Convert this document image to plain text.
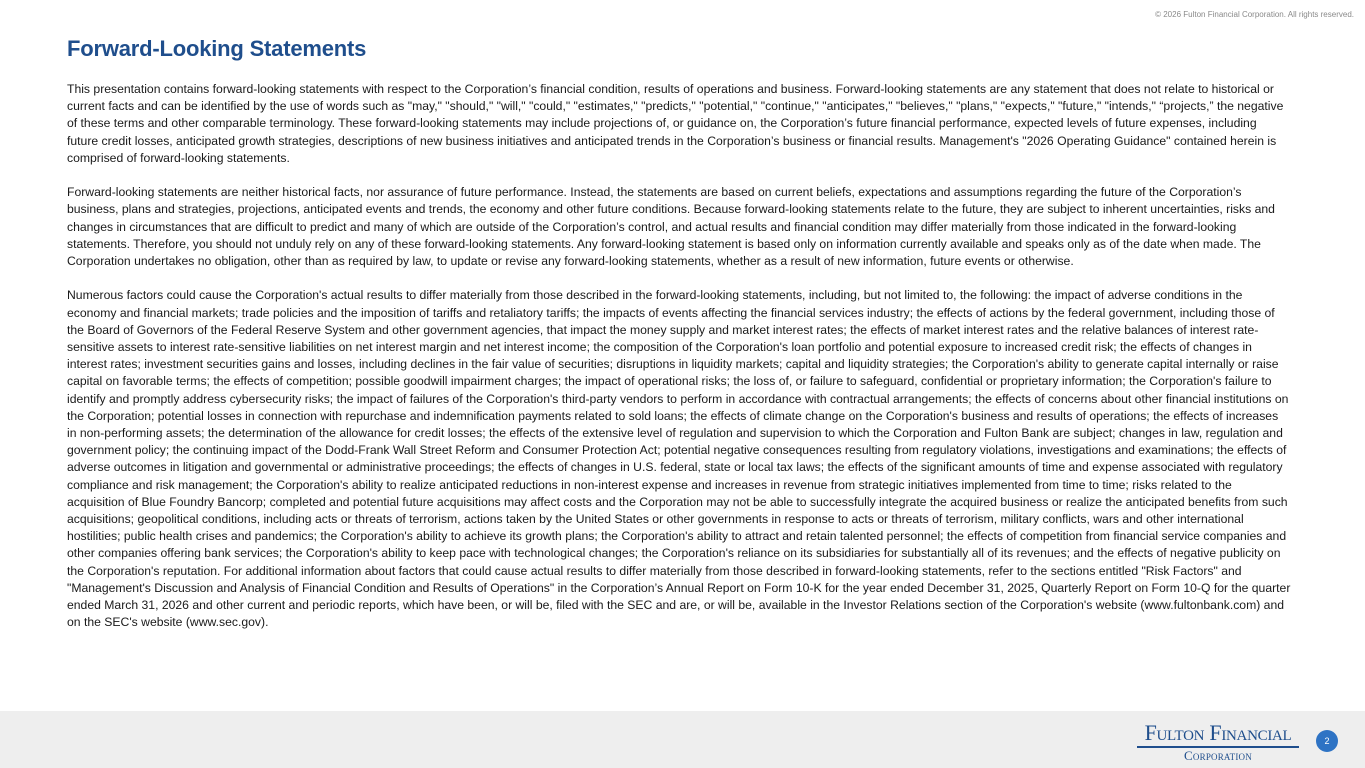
© 2026 Fulton Financial Corporation. All rights reserved.
Forward-Looking Statements

This presentation contains forward-looking statements with respect to the Corporation’s financial condition, results of operations and business. Forward-looking statements are any statement that does not relate to historical or current facts and can be identified by the use of words such as "may," "should," "will," "could," "estimates," "predicts," "potential," "continue," "anticipates," "believes," "plans," "expects," "future," "intends," “projects,” the negative of these terms and other comparable terminology. These forward-looking statements may include projections of, or guidance on, the Corporation’s future financial performance, expected levels of future expenses, including future credit losses, anticipated growth strategies, descriptions of new business initiatives and anticipated trends in the Corporation’s business or financial results. Management's "2026 Operating Guidance" contained herein is comprised of forward-looking statements.

Forward-looking statements are neither historical facts, nor assurance of future performance. Instead, the statements are based on current beliefs, expectations and assumptions regarding the future of the Corporation’s business, plans and strategies, projections, anticipated events and trends, the economy and other future conditions. Because forward-looking statements relate to the future, they are subject to inherent uncertainties, risks and changes in circumstances that are difficult to predict and many of which are outside of the Corporation’s control, and actual results and financial condition may differ materially from those indicated in the forward-looking statements. Therefore, you should not unduly rely on any of these forward-looking statements. Any forward-looking statement is based only on information currently available and speaks only as of the date when made. The Corporation undertakes no obligation, other than as required by law, to update or revise any forward-looking statements, whether as a result of new information, future events or otherwise.

Numerous factors could cause the Corporation's actual results to differ materially from those described in the forward-looking statements, including, but not limited to, the following: the impact of adverse conditions in the economy and financial markets; trade policies and the imposition of tariffs and retaliatory tariffs; the impacts of events affecting the financial services industry; the effects of actions by the federal government, including those of the Board of Governors of the Federal Reserve System and other government agencies, that impact the money supply and market interest rates; the effects of market interest rates and the relative balances of interest rate-sensitive assets to interest rate-sensitive liabilities on net interest margin and net interest income; the composition of the Corporation's loan portfolio and potential exposure to increased credit risk; the effects of changes in interest rates; investment securities gains and losses, including declines in the fair value of securities; disruptions in liquidity markets; capital and liquidity strategies; the Corporation's ability to generate capital internally or raise capital on favorable terms; the effects of competition; possible goodwill impairment charges; the impact of operational risks; the loss of, or failure to safeguard, confidential or proprietary information; the Corporation's failure to identify and promptly address cybersecurity risks; the impact of failures of the Corporation's third-party vendors to perform in accordance with contractual arrangements; the effects of concerns about other financial institutions on the Corporation; potential losses in connection with repurchase and indemnification payments related to sold loans; the effects of climate change on the Corporation's business and results of operations; the effects of increases in non-performing assets; the determination of the allowance for credit losses; the effects of the extensive level of regulation and supervision to which the Corporation and Fulton Bank are subject; changes in law, regulation and government policy; the continuing impact of the Dodd-Frank Wall Street Reform and Consumer Protection Act; potential negative consequences resulting from regulatory violations, investigations and examinations; the effects of adverse outcomes in litigation and governmental or administrative proceedings; the effects of changes in U.S. federal, state or local tax laws; the effects of the significant amounts of time and expense associated with regulatory compliance and risk management; the Corporation's ability to realize anticipated reductions in non-interest expense and increases in revenue from strategic initiatives implemented from time to time; risks related to the acquisition of Blue Foundry Bancorp; completed and potential future acquisitions may affect costs and the Corporation may not be able to successfully integrate the acquired business or realize the anticipated benefits from such acquisitions; geopolitical conditions, including acts or threats of terrorism, actions taken by the United States or other governments in response to acts or threats of terrorism, military conflicts, wars and other international hostilities; public health crises and pandemics; the Corporation's ability to achieve its growth plans; the Corporation's ability to attract and retain talented personnel; the effects of competition from financial service companies and other companies offering bank services; the Corporation's ability to keep pace with technological changes; the Corporation's reliance on its subsidiaries for substantially all of its revenues; and the effects of negative publicity on the Corporation's reputation. For additional information about factors that could cause actual results to differ materially from those described in forward-looking statements, refer to the sections entitled "Risk Factors" and "Management's Discussion and Analysis of Financial Condition and Results of Operations" in the Corporation’s Annual Report on Form 10-K for the year ended December 31, 2025, Quarterly Report on Form 10-Q for the quarter ended March 31, 2026 and other current and periodic reports, which have been, or will be, filed with the SEC and are, or will be, available in the Investor Relations section of the Corporation's website (www.fultonbank.com) and on the SEC's website (www.sec.gov).

Fulton Financial
Corporation
2
